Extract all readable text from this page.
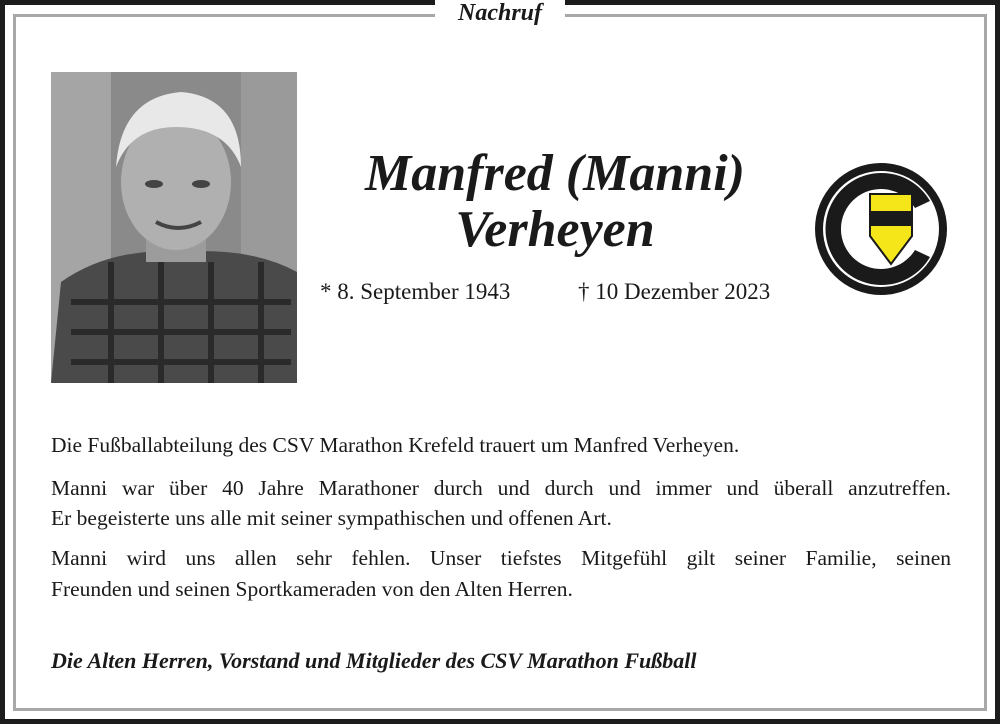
Nachruf
Manfred (Manni)
Verheyen
* 8. September 1943	† 10 Dezember 2023
Die Fußballabteilung des CSV Marathon Krefeld trauert um Manfred Verheyen.
Manni war über 40 Jahre Marathoner durch und durch und immer und überall anzutreffen.
Er begeisterte uns alle mit seiner sympathischen und offenen Art.
Manni wird uns allen sehr fehlen. Unser tiefstes Mitgefühl gilt seiner Familie, seinen
Freunden und seinen Sportkameraden von den Alten Herren.
Die Alten Herren, Vorstand und Mitglieder des CSV Marathon Fußball
